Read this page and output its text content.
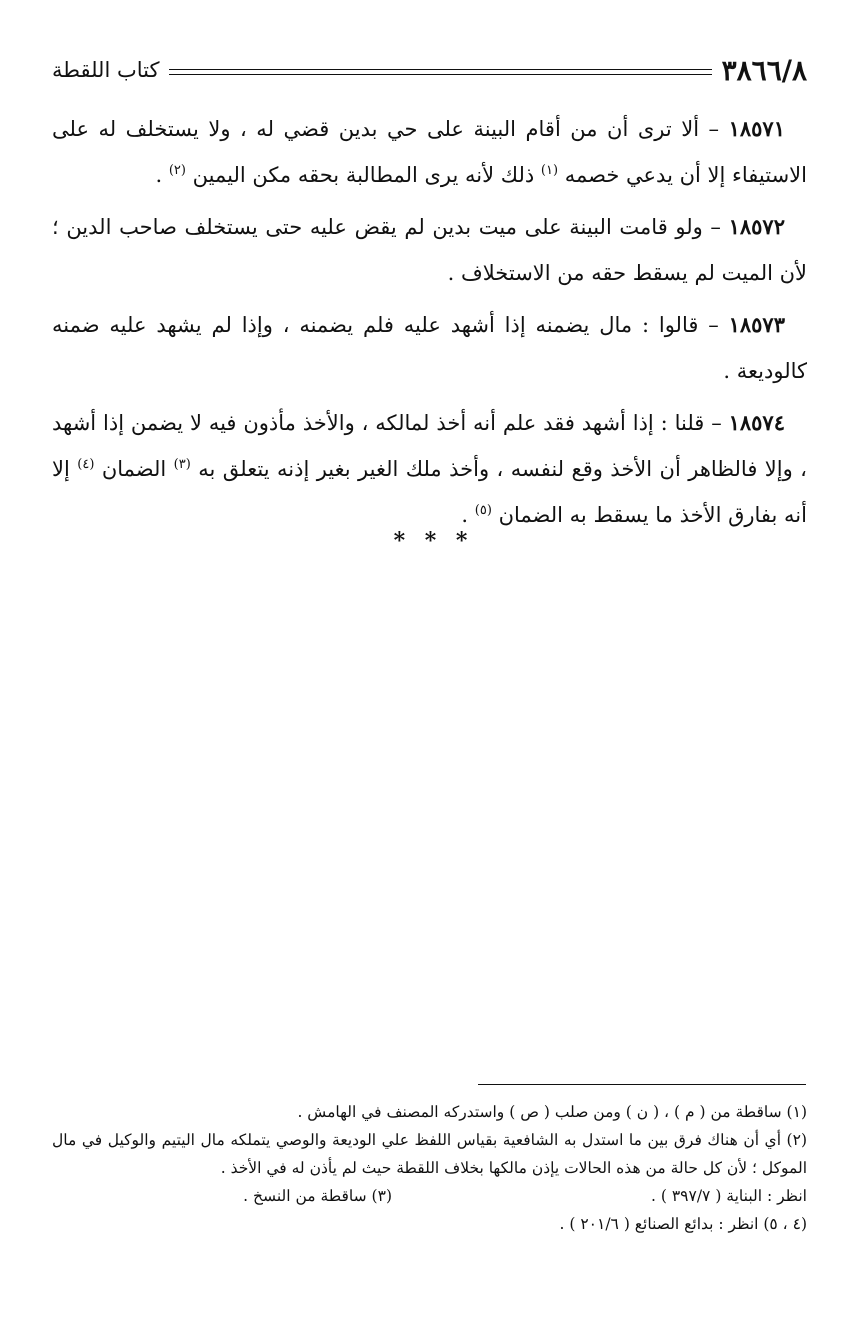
٣٨٦٦/٨
كتاب اللقطة

١٨٥٧١ – ألا ترى أن من أقام البينة على حي بدين قضي له ، ولا يستخلف له على الاستيفاء إلا أن يدعي خصمه $^{(١)}$ ذلك لأنه يرى المطالبة بحقه مكن اليمين $^{(٢)}$ .

١٨٥٧٢ – ولو قامت البينة على ميت بدين لم يقض عليه حتى يستخلف صاحب الدين ؛ لأن الميت لم يسقط حقه من الاستخلاف .

١٨٥٧٣ – قالوا : مال يضمنه إذا أشهد عليه فلم يضمنه ، وإذا لم يشهد عليه ضمنه كالوديعة .

١٨٥٧٤ – قلنا : إذا أشهد فقد علم أنه أخذ لمالكه ، والأخذ مأذون فيه لا يضمن إذا أشهد ، وإلا فالظاهر أن الأخذ وقع لنفسه ، وأخذ ملك الغير بغير إذنه يتعلق به $^{(٣)}$ الضمان $^{(٤)}$ إلا أنه بفارق الأخذ ما يسقط به الضمان $^{(٥)}$ .

* * *

(١) ساقطة من ( م ) ، ( ن ) ومن صلب ( ص ) واستدركه المصنف في الهامش .

(٢) أي أن هناك فرق بين ما استدل به الشافعية بقياس اللفظ علي الوديعة والوصي يتملكه مال اليتيم والوكيل في مال الموكل ؛ لأن كل حالة من هذه الحالات يإذن مالكها بخلاف اللقطة حيث لم يأذن له في الأخذ .

انظر : البناية ( ٣٩٧/٧ ) .
(٣) ساقطة من النسخ .

(٤ ، ٥) انظر : بدائع الصنائع ( ٢٠١/٦ ) .
